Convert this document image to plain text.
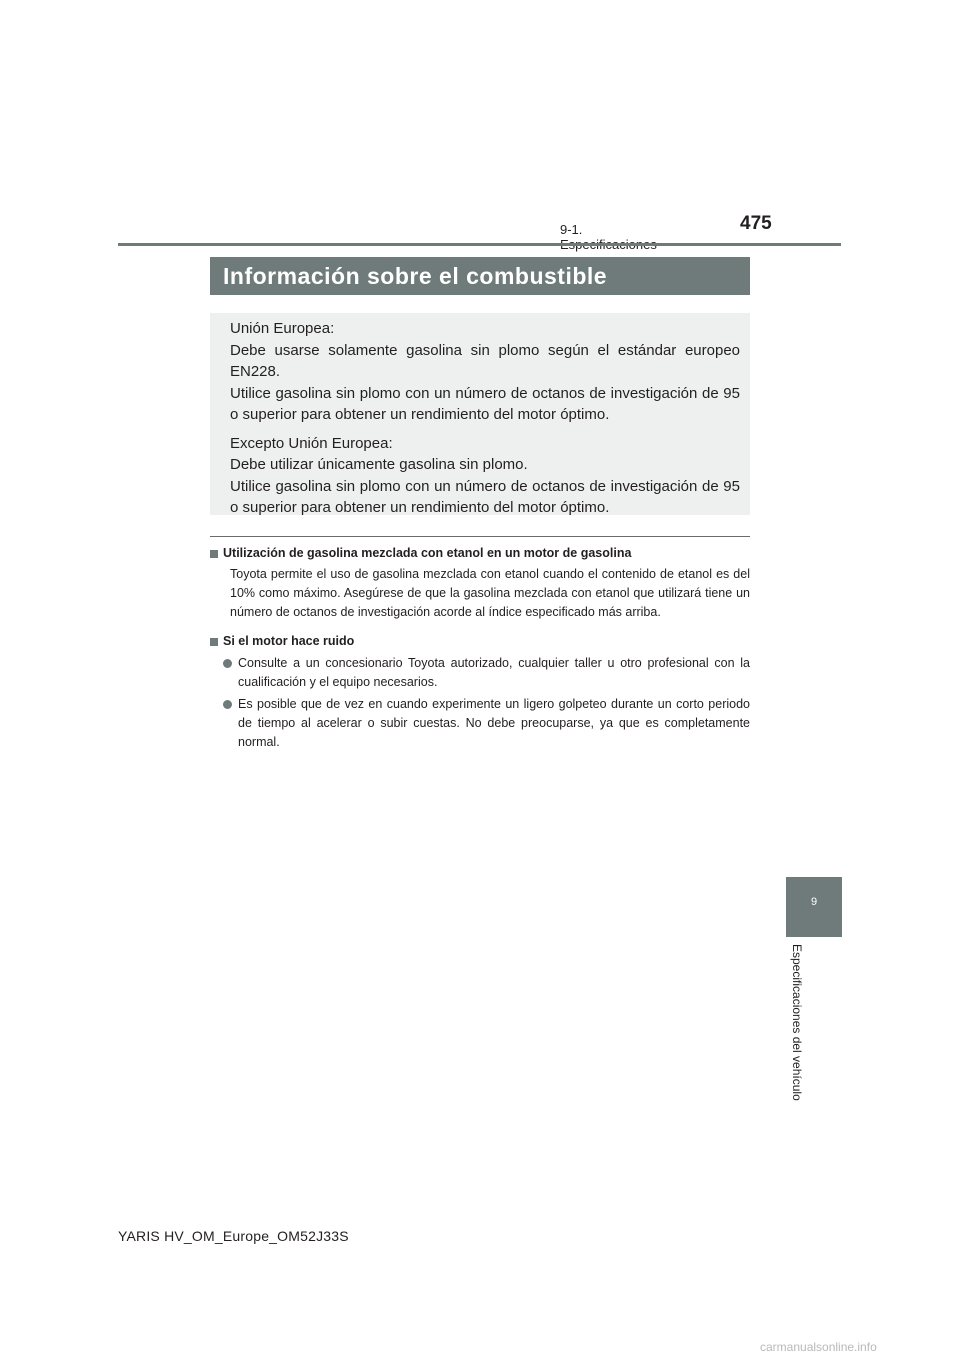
9-1.	475
Información sobre el combustible

Unión Europea:

Debe usarse solamente gasolina sin plomo según el estándar europeo EN228.

Utilice gasolina sin plomo con un número de octanos de investigación de 95 o superior para obtener un rendimiento del motor óptimo.

Excepto Unión Europea:

Debe utilizar únicamente gasolina sin plomo.

Utilice gasolina sin plomo con un número de octanos de investigación de 95 o superior para obtener un rendimiento del motor óptimo.

Utilización de gasolina mezclada con etanol en un motor de gasolina

Toyota permite el uso de gasolina mezclada con etanol cuando el contenido de etanol es del 10% como máximo. Asegúrese de que la gasolina mezclada con etanol que utilizará tiene un número de octanos de investigación acorde al índice especificado más arriba.

Si el motor hace ruido

Consulte a un concesionario Toyota autorizado, cualquier taller u otro profesional con la cualificación y el equipo necesarios.
Es posible que de vez en cuando experimente un ligero golpeteo durante un corto periodo de tiempo al acelerar o subir cuestas. No debe preocuparse, ya que es completamente normal.
9
Especificaciones del vehículo
YARIS HV_OM_Europe_OM52J33S
carmanualsonline.info
